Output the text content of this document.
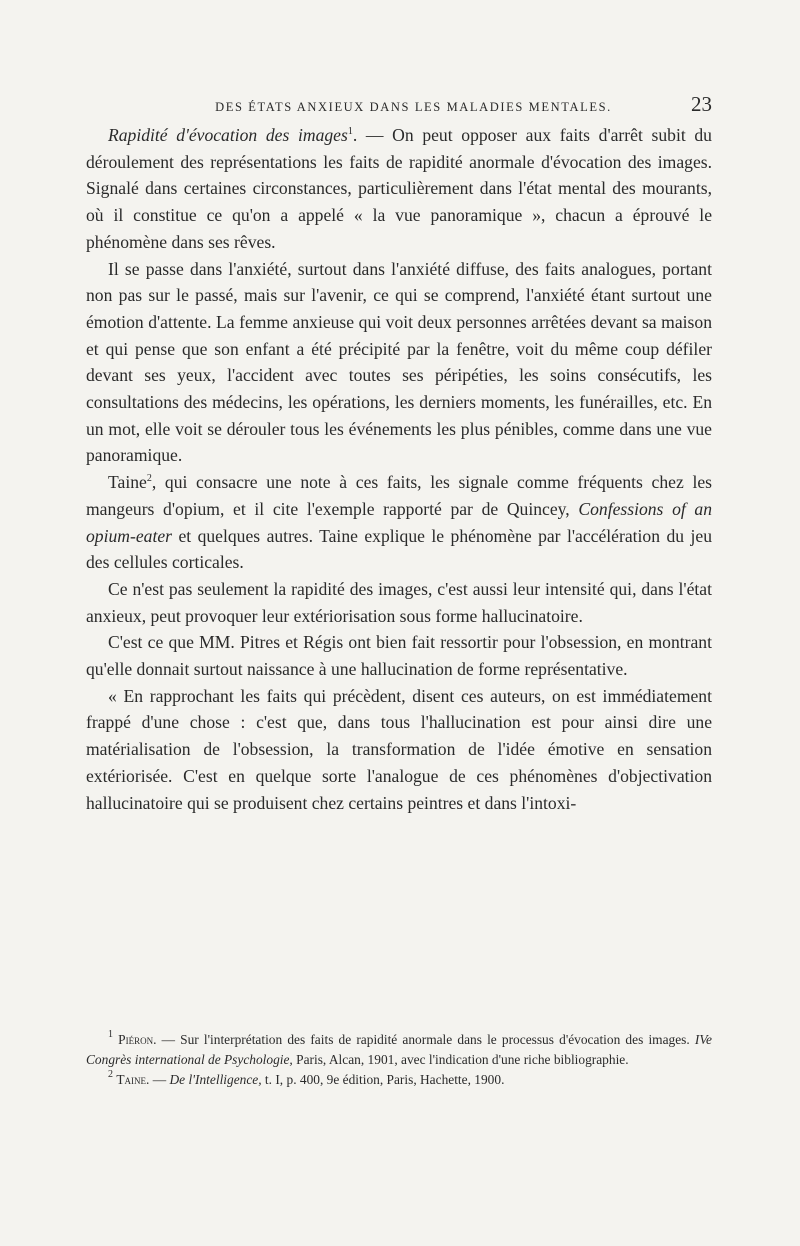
DES ÉTATS ANXIEUX DANS LES MALADIES MENTALES.	23

Rapidité d'évocation des images$^1$. — On peut opposer aux faits d'arrêt subit du déroulement des représentations les faits de rapidité anormale d'évocation des images. Signalé dans certaines circonstances, particulièrement dans l'état mental des mourants, où il constitue ce qu'on a appelé « la vue panoramique », chacun a éprouvé le phénomène dans ses rêves.

Il se passe dans l'anxiété, surtout dans l'anxiété diffuse, des faits analogues, portant non pas sur le passé, mais sur l'avenir, ce qui se comprend, l'anxiété étant surtout une émotion d'attente. La femme anxieuse qui voit deux personnes arrêtées devant sa maison et qui pense que son enfant a été précipité par la fenêtre, voit du même coup défiler devant ses yeux, l'accident avec toutes ses péripéties, les soins consécutifs, les consultations des médecins, les opérations, les derniers moments, les funérailles, etc. En un mot, elle voit se dérouler tous les événements les plus pénibles, comme dans une vue panoramique.

Taine$^2$, qui consacre une note à ces faits, les signale comme fréquents chez les mangeurs d'opium, et il cite l'exemple rapporté par de Quincey, Confessions of an opium-eater et quelques autres. Taine explique le phénomène par l'accélération du jeu des cellules corticales.

Ce n'est pas seulement la rapidité des images, c'est aussi leur intensité qui, dans l'état anxieux, peut provoquer leur extériorisation sous forme hallucinatoire.

C'est ce que MM. Pitres et Régis ont bien fait ressortir pour l'obsession, en montrant qu'elle donnait surtout naissance à une hallucination de forme représentative.

« En rapprochant les faits qui précèdent, disent ces auteurs, on est immédiatement frappé d'une chose : c'est que, dans tous l'hallucination est pour ainsi dire une matérialisation de l'obsession, la transformation de l'idée émotive en sensation extériorisée. C'est en quelque sorte l'analogue de ces phénomènes d'objectivation hallucinatoire qui se produisent chez certains peintres et dans l'intoxi-

$^1$ Piéron. — Sur l'interprétation des faits de rapidité anormale dans le processus d'évocation des images. IVe Congrès international de Psychologie, Paris, Alcan, 1901, avec l'indication d'une riche bibliographie.

$^2$ Taine. — De l'Intelligence, t. I, p. 400, 9e édition, Paris, Hachette, 1900.
